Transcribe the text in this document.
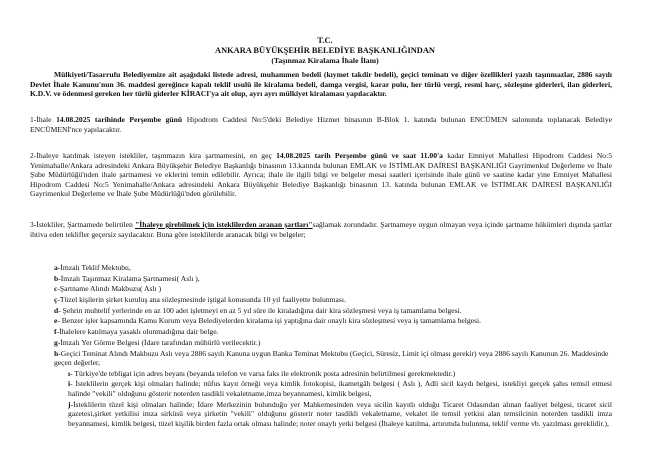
T.C.
ANKARA BÜYÜKŞEHİR BELEDİYE BAŞKANLIĞINDAN
(Taşınmaz Kiralama İhale İlanı)
Mülkiyeti/Tasarrufu Belediyemize ait aşağıdaki listede adresi, muhammen bedeli (kıymet takdir bedeli), geçici teminatı ve diğer özellikleri yazılı taşınmazlar, 2886 sayılı Devlet İhale Kanunu'nun 36. maddesi gereğince kapalı teklif usulü ile kiralama bedeli, damga vergisi, karar pulu, her türlü vergi, resmi harç, sözleşme giderleri, ilan giderleri, K.D.V. ve ödenmesi gereken her türlü giderler KİRACI'ya ait olup, ayrı ayrı mülkiyet kiralaması yapılacaktır.
1-İhale 14.08.2025 tarihinde Perşembe günü Hipodrom Caddesi No:5'deki Belediye Hizmet binasının B-Blok 1. katında bulunan ENCÜMEN salonunda toplanacak Belediye ENCÜMENİ'nce yapılacaktır.
2-İhaleye katılmak isteyen istekliler, taşınmazın kira şartnamesini, en geç 14.08.2025 tarih Perşembe günü ve saat 11.00'a kadar Emniyet Mahallesi Hipodrom Caddesi No:5 Yenimahalle/Ankara adresindeki Ankara Büyükşehir Belediye Başkanlığı binasının 13.katında bulunan EMLAK ve İSTİMLAK DAİRESİ BAŞKANLIĞI Gayrimenkul Değerleme ve İhale Şube Müdürlüğü'nden ihale şartnamesi ve eklerini temin edilebilir. Ayrıca; ihale ile ilgili bilgi ve belgeler mesai saatleri içerisinde ihale günü ve saatine kadar yine Emniyet Mahallesi Hipodrom Caddesi No:5 Yenimahalle/Ankara adresindeki Ankara Büyükşehir Belediye Başkanlığı binasının 13. katında bulunan EMLAK ve İSTİMLAK DAİRESİ BAŞKANLIĞI Gayrimenkul Değerleme ve İhale Şube Müdürlüğü'nden görülebilir.
3-İstekliler, Şartnamede belirtilen "İhaleye girebilmek için isteklilerden aranan şartları"sağlamak zorundadır. Şartnameye uygun olmayan veya içinde şartname hükümleri dışında şartlar ihtiva eden teklifler geçersiz sayılacaktır. Buna göre isteklilerde aranacak bilgi ve belgeler;
a-İmzalı Teklif Mektubu,
b-İmzalı Taşınmaz Kiralama Şartnamesi( Aslı ),
c-Şartname Alındı Makbuzu( Aslı )
ç-Tüzel kişilerin şirket kuruluş ana sözleşmesinde iştigal konusunda 10 yıl faaliyette bulunması.
d- Şehrin muhtelif yerlerinde en az 100 adet işletmeyi en az 5 yıl süre ile kiraladığına dair kira sözleşmesi veya iş tamamlama belgesi.
e- Benzer işler kapsamında Kamu Kurum veya Belediyelerden kiralama işi yaptığına dair onaylı kira sözleşmesi veya iş tamamlama belgesi.
f-İhalelere katılmaya yasaklı olunmadığına dair belge.
g-İmzalı Yer Görme Belgesi (İdare tarafından mühürlü verilecektir.)
h-Geçici Teminat Alındı Makbuzu Aslı veya 2886 sayılı Kanuna uygun Banka Teminat Mektubu (Geçici, Süresiz, Limit içi olması gerekir) veya 2886 sayılı Kanunun 26. Maddesinde geçen değerler,
ı- Türkiye'de tebligat için adres beyanı (beyanda telefon ve varsa faks ile elektronik posta adresinin belirtilmesi gerekmektedir.)
i- İsteklilerin gerçek kişi olmaları halinde; nüfus kayıt örneği veya kimlik fotokopisi, ikametgâh belgesi ( Aslı ), Adli sicil kaydı belgesi, istekliyi gerçek şahıs temsil etmesi halinde "vekili" olduğunu gösterir noterden tasdikli vekaletname,imza beyannamesi, kimlik belgesi,
j-İsteklilerin tüzel kişi olmaları halinde; İdare Merkezinin bulunduğu yer Mahkemesinden veya sicilin kayıtlı olduğu Ticaret Odasından alınan faaliyet belgesi, ticaret sicil gazetesi,şirket yetkilisi imza sirküsü veya şirketin "vekili" olduğunu gösterir noter tasdikli vekaletname, vekalet ile temsil yetkisi alan temsilcinin noterden tasdikli imza beyannamesi, kimlik belgesi, tüzel kişilik birden fazla ortak olması halinde; noter onaylı yetki belgesi (İhaleye katılma, artırımda bulunma, teklif verme vb. yazılması gereklidir.),
